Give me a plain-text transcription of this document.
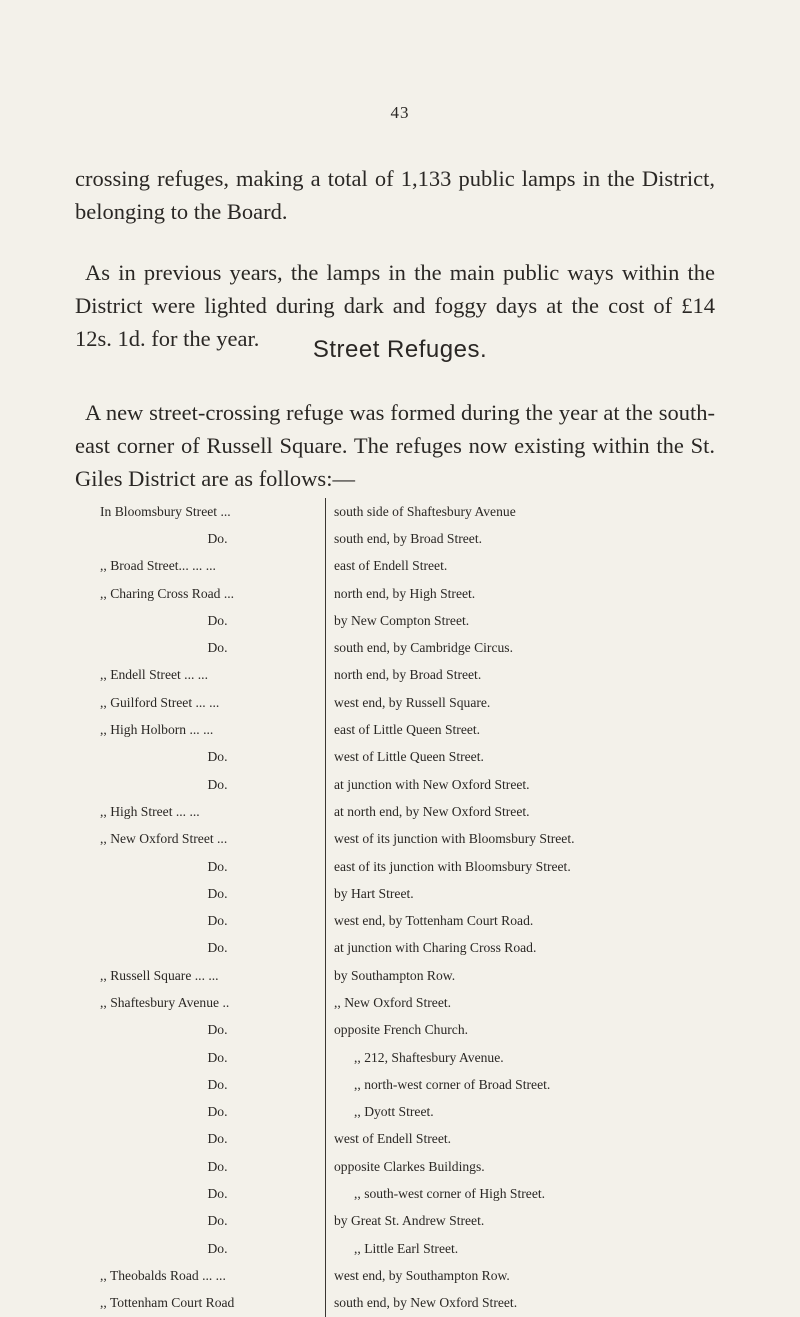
43
crossing refuges, making a total of 1,133 public lamps in the District, belonging to the Board.
As in previous years, the lamps in the main public ways within the District were lighted during dark and foggy days at the cost of £14 12s. 1d. for the year.	Street Refuges.
A new street-crossing refuge was formed during the year at the south-east corner of Russell Square. The refuges now existing within the St. Giles District are as follows:—
In Bloomsbury Street ...	south side of Shaftesbury Avenue
Do.	south end, by Broad Street.
,, Broad Street... ... ...	east of Endell Street.
,, Charing Cross Road ...	north end, by High Street.
Do.	by New Compton Street.
Do.	south end, by Cambridge Circus.
,, Endell Street ... ...	north end, by Broad Street.
,, Guilford Street ... ...	west end, by Russell Square.
,, High Holborn ... ...	east of Little Queen Street.
Do.	west of Little Queen Street.
Do.	at junction with New Oxford Street.
,, High Street ... ...	at north end, by New Oxford Street.
,, New Oxford Street ...	west of its junction with Bloomsbury Street.
Do.	east of its junction with Bloomsbury Street.
Do.	by Hart Street.
Do.	west end, by Tottenham Court Road.
Do.	at junction with Charing Cross Road.
,, Russell Square ... ...	by Southampton Row.
,, Shaftesbury Avenue ..	,, New Oxford Street.
Do.	opposite French Church.
Do.	,, 212, Shaftesbury Avenue.
Do.	,, north-west corner of Broad Street.
Do.	,, Dyott Street.
Do.	west of Endell Street.
Do.	opposite Clarkes Buildings.
Do.	,, south-west corner of High Street.
Do.	by Great St. Andrew Street.
Do.	,, Little Earl Street.
,, Theobalds Road ... ...	west end, by Southampton Row.
,, Tottenham Court Road	south end, by New Oxford Street.
